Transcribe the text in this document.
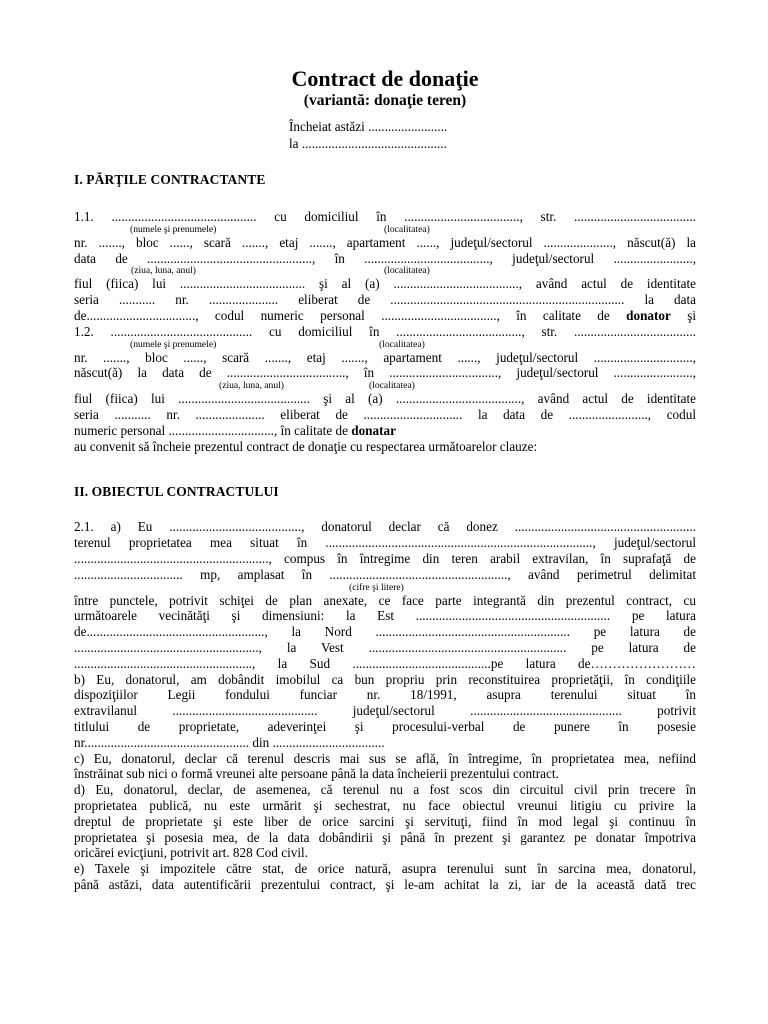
Contract de donaţie
(variantă: donaţie teren)
Încheiat astăzi ........................
la ............................................
I. PĂRŢILE CONTRACTANTE
1.1. ............................................ cu domiciliul în ..................................., str. .....................................
(numele şi prenumele)	(localitatea)
nr. ......., bloc ......, scară ......., etaj ......., apartament ......, judeţul/sectorul ....................., născut(ă) la
data de .................................................., în ......................................, judeţul/sectorul ........................,
(ziua, luna, anul)	(localitatea)
fiul (fiica) lui ...................................... şi al (a) ......................................, având actul de identitate
seria ........... nr. ..................... eliberat de ....................................................................... la data
de................................., codul numeric personal ..................................., în calitate de donator şi
1.2. ........................................... cu domiciliul în ......................................, str. .....................................
(numele şi prenumele)	(localitatea)
nr. ......., bloc ......, scară ......., etaj ......., apartament ......, judeţul/sectorul ..............................,
născut(ă) la data de ...................................., în ................................., judeţul/sectorul ........................,
(ziua, luna, anul)	(localitatea)
fiul (fiica) lui ........................................ şi al (a) ......................................, având actul de identitate
seria ........... nr. ..................... eliberat de .............................. la data de ........................, codul
numeric personal ................................, în calitate de donatar
au convenit să încheie prezentul contract de donaţie cu respectarea următoarelor clauze:
II. OBIECTUL CONTRACTULUI
2.1. a) Eu ........................................, donatorul declar că donez .......................................................
terenul proprietatea mea situat în ................................................................................., judeţul/sectorul
..........................................................., compus în întregime din teren arabil extravilan, în suprafaţă de
................................. mp, amplasat în ......................................................, având perimetrul delimitat
(cifre şi litere)
între punctele, potrivit schiţei de plan anexate, ce face parte integrantă din prezentul contract, cu
următoarele vecinătăţi şi dimensiuni: la Est ........................................................... pe latura
de......................................................, la Nord ........................................................... pe latura de
........................................................, la Vest ............................................................ pe latura de
......................................................, la Sud ..........................................pe latura de……………………
b) Eu, donatorul, am dobândit imobilul ca bun propriu prin reconstituirea proprietăţii, în condiţiile
dispoziţiilor Legii fondului funciar nr. 18/1991, asupra terenului situat în
extravilanul ............................................ judeţul/sectorul .............................................. potrivit
titlului de proprietate, adeverinţei şi procesului-verbal de punere în posesie
nr.................................................. din ..................................
c) Eu, donatorul, declar că terenul descris mai sus se află, în întregime, în proprietatea mea, nefiind
înstrăinat sub nici o formă vreunei alte persoane până la data încheierii prezentului contract.
d) Eu, donatorul, declar, de asemenea, că terenul nu a fost scos din circuitul civil prin trecere în
proprietatea publică, nu este urmărit şi sechestrat, nu face obiectul vreunui litigiu cu privire la
dreptul de proprietate şi este liber de orice sarcini şi servituţi, fiind în mod legal şi continuu în
proprietatea şi posesia mea, de la data dobândirii şi până în prezent şi garantez pe donatar împotriva
oricărei evicţiuni, potrivit art. 828 Cod civil.
e) Taxele şi impozitele către stat, de orice natură, asupra terenului sunt în sarcina mea, donatorul,
până astăzi, data autentificării prezentului contract, şi le-am achitat la zi, iar de la această dată trec
